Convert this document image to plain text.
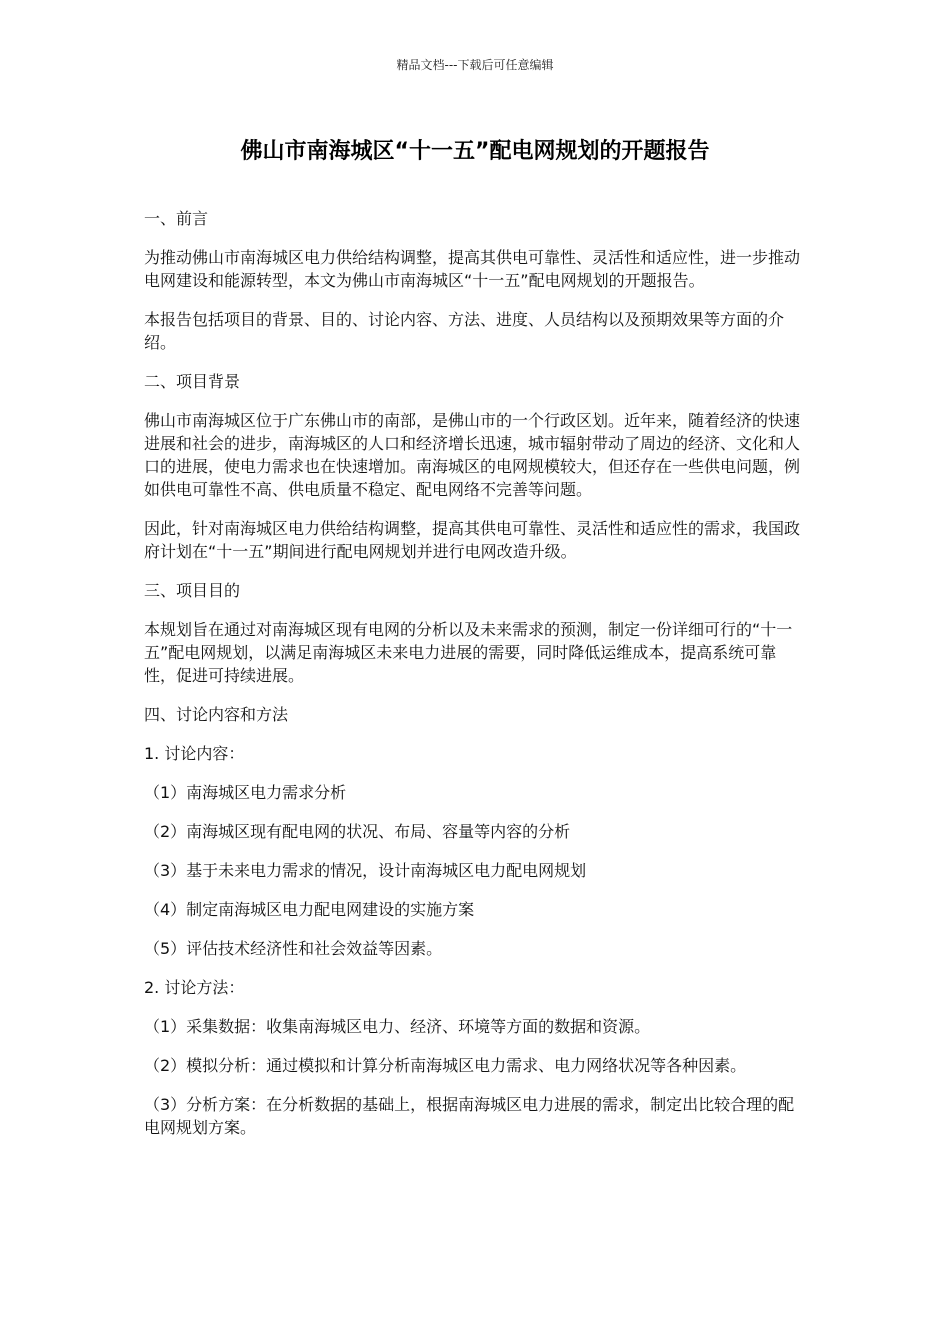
精品文档---下载后可任意编辑
佛山市南海城区“十一五”配电网规划的开题报告

一、前言

为推动佛山市南海城区电力供给结构调整，提高其供电可靠性、灵活性和适应性，进一步推动电网建设和能源转型，本文为佛山市南海城区“十一五”配电网规划的开题报告。

本报告包括项目的背景、目的、讨论内容、方法、进度、人员结构以及预期效果等方面的介绍。

二、项目背景

佛山市南海城区位于广东佛山市的南部，是佛山市的一个行政区划。近年来，随着经济的快速进展和社会的进步，南海城区的人口和经济增长迅速，城市辐射带动了周边的经济、文化和人口的进展，使电力需求也在快速增加。南海城区的电网规模较大，但还存在一些供电问题，例如供电可靠性不高、供电质量不稳定、配电网络不完善等问题。

因此，针对南海城区电力供给结构调整，提高其供电可靠性、灵活性和适应性的需求，我国政府计划在“十一五”期间进行配电网规划并进行电网改造升级。

三、项目目的

本规划旨在通过对南海城区现有电网的分析以及未来需求的预测，制定一份详细可行的“十一五”配电网规划，以满足南海城区未来电力进展的需要，同时降低运维成本，提高系统可靠性，促进可持续进展。

四、讨论内容和方法

1. 讨论内容：

（1）南海城区电力需求分析

（2）南海城区现有配电网的状况、布局、容量等内容的分析

（3）基于未来电力需求的情况，设计南海城区电力配电网规划

（4）制定南海城区电力配电网建设的实施方案

（5）评估技术经济性和社会效益等因素。

2. 讨论方法：

（1）采集数据：收集南海城区电力、经济、环境等方面的数据和资源。

（2）模拟分析：通过模拟和计算分析南海城区电力需求、电力网络状况等各种因素。

（3）分析方案：在分析数据的基础上，根据南海城区电力进展的需求，制定出比较合理的配电网规划方案。
